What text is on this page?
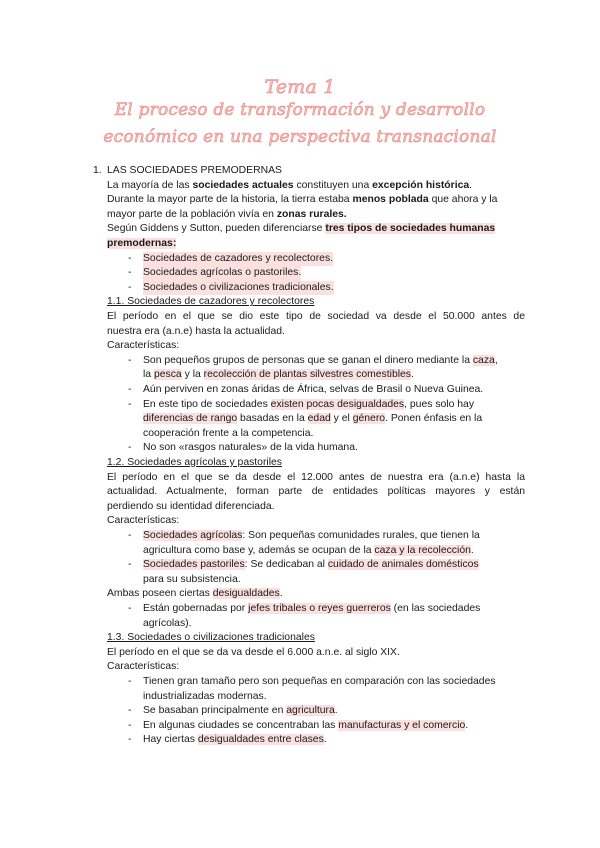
Tema 1
El proceso de transformación y desarrollo
económico en una perspectiva transnacional
1. LAS SOCIEDADES PREMODERNAS
La mayoría de las sociedades actuales constituyen una excepción histórica.
Durante la mayor parte de la historia, la tierra estaba menos poblada que ahora y la
mayor parte de la población vivía en zonas rurales.
Según Giddens y Sutton, pueden diferenciarse tres tipos de sociedades humanas
premodernas:
- Sociedades de cazadores y recolectores.
- Sociedades agrícolas o pastoriles.
- Sociedades o civilizaciones tradicionales.
1.1. Sociedades de cazadores y recolectores
El período en el que se dio este tipo de sociedad va desde el 50.000 antes de
nuestra era (a.n.e) hasta la actualidad.
Características:
- Son pequeños grupos de personas que se ganan el dinero mediante la caza,
la pesca y la recolección de plantas silvestres comestibles.
- Aún perviven en zonas áridas de África, selvas de Brasil o Nueva Guinea.
- En este tipo de sociedades existen pocas desigualdades, pues solo hay
diferencias de rango basadas en la edad y el género. Ponen énfasis en la
cooperación frente a la competencia.
- No son «rasgos naturales» de la vida humana.
1.2. Sociedades agrícolas y pastoriles
El período en el que se da desde el 12.000 antes de nuestra era (a.n.e) hasta la
actualidad. Actualmente, forman parte de entidades políticas mayores y están
perdiendo su identidad diferenciada.
Características:
- Sociedades agrícolas: Son pequeñas comunidades rurales, que tienen la
agricultura como base y, además se ocupan de la caza y la recolección.
- Sociedades pastoriles: Se dedicaban al cuidado de animales domésticos
para su subsistencia.
Ambas poseen ciertas desigualdades.
- Están gobernadas por jefes tribales o reyes guerreros (en las sociedades
agrícolas).
1.3. Sociedades o civilizaciones tradicionales
El período en el que se da va desde el 6.000 a.n.e. al siglo XIX.
Características:
- Tienen gran tamaño pero son pequeñas en comparación con las sociedades
industrializadas modernas.
- Se basaban principalmente en agricultura.
- En algunas ciudades se concentraban las manufacturas y el comercio.
- Hay ciertas desigualdades entre clases.
